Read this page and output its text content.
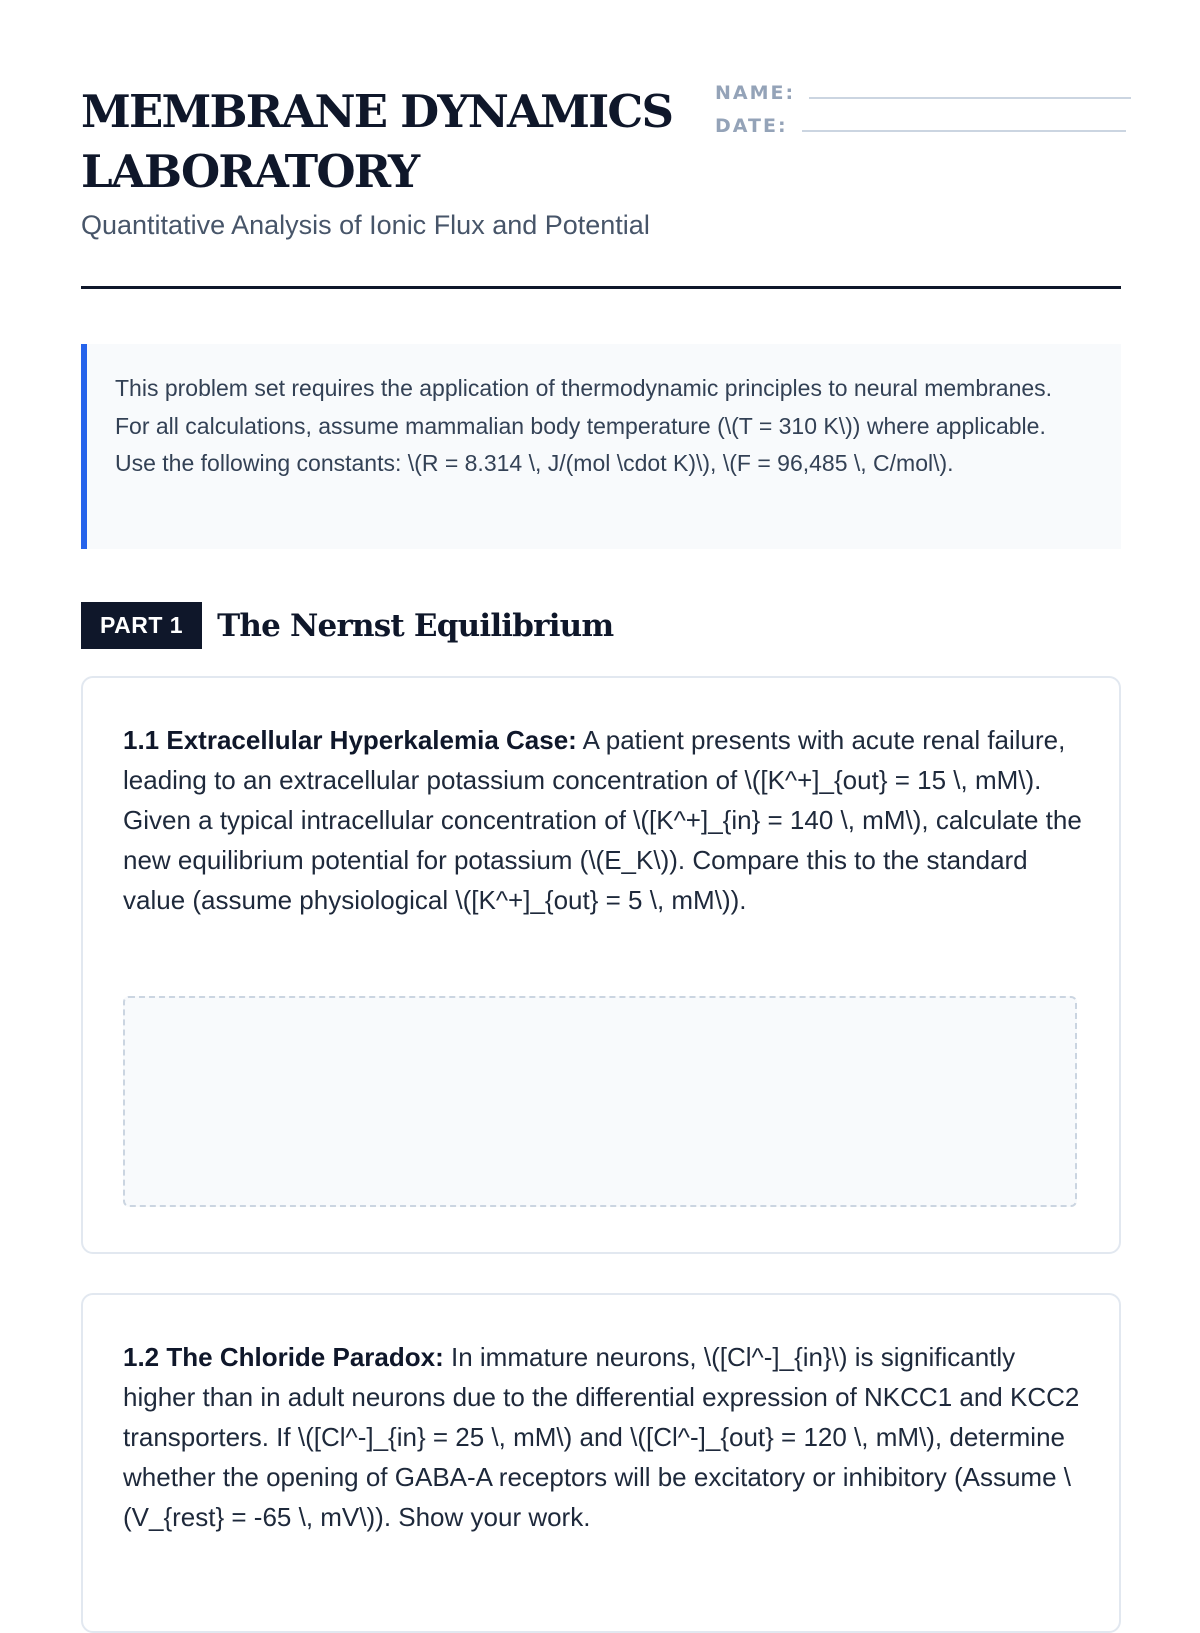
MEMBRANE DYNAMICS LABORATORY
Quantitative Analysis of Ionic Flux and Potential
NAME:
DATE:
This problem set requires the application of thermodynamic principles to neural membranes. For all calculations, assume mammalian body temperature (\(T = 310 K\)) where applicable. Use the following constants: \(R = 8.314 \, J/(mol \cdot K)\), \(F = 96,485 \, C/mol\).
PART 1	The Nernst Equilibrium
1.1 Extracellular Hyperkalemia Case: A patient presents with acute renal failure, leading to an extracellular potassium concentration of \([K^+]_{out} = 15 \, mM\). Given a typical intracellular concentration of \([K^+]_{in} = 140 \, mM\), calculate the new equilibrium potential for potassium (\(E_K\)). Compare this to the standard value (assume physiological \([K^+]_{out} = 5 \, mM\)).
1.2 The Chloride Paradox: In immature neurons, \([Cl^-]_{in}\) is significantly higher than in adult neurons due to the differential expression of NKCC1 and KCC2 transporters. If \([Cl^-]_{in} = 25 \, mM\) and \([Cl^-]_{out} = 120 \, mM\), determine whether the opening of GABA-A receptors will be excitatory or inhibitory (Assume \(V_{rest} = -65 \, mV\)). Show your work.
